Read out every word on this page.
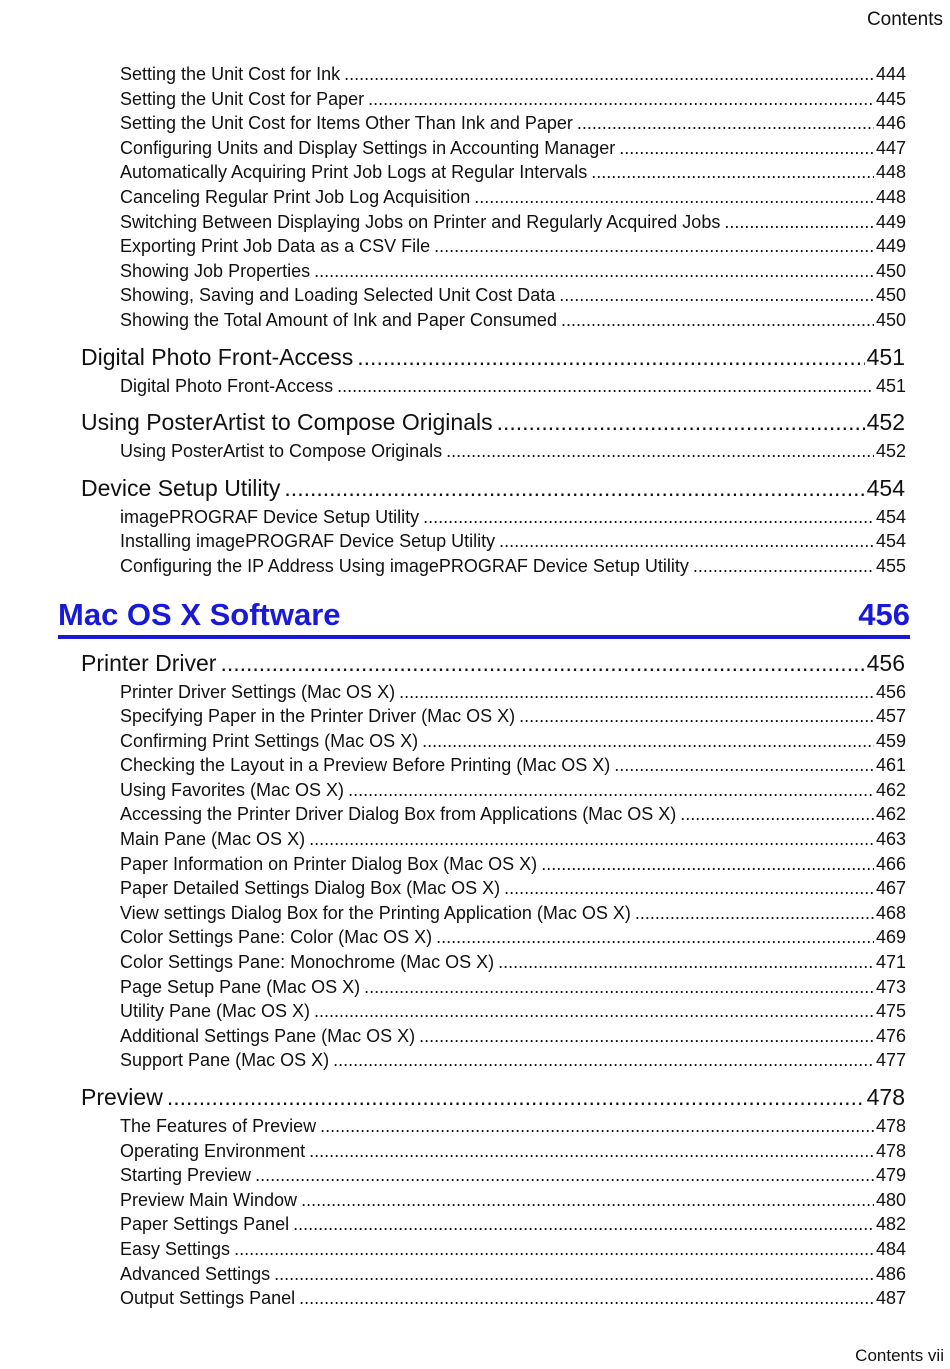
Contents
Setting the Unit Cost for Ink .....	444
Setting the Unit Cost for Paper .....	445
Setting the Unit Cost for Items Other Than Ink and Paper .....	446
Configuring Units and Display Settings in Accounting Manager .....	447
Automatically Acquiring Print Job Logs at Regular Intervals .....	448
Canceling Regular Print Job Log Acquisition .....	448
Switching Between Displaying Jobs on Printer and Regularly Acquired Jobs .....	449
Exporting Print Job Data as a CSV File .....	449
Showing Job Properties .....	450
Showing, Saving and Loading Selected Unit Cost Data .....	450
Showing the Total Amount of Ink and Paper Consumed .....	450
Digital Photo Front-Access .....	451
Digital Photo Front-Access .....	451
Using PosterArtist to Compose Originals .....	452
Using PosterArtist to Compose Originals .....	452
Device Setup Utility .....	454
imagePROGRAF Device Setup Utility .....	454
Installing imagePROGRAF Device Setup Utility .....	454
Configuring the IP Address Using imagePROGRAF Device Setup Utility .....	455
Mac OS X Software	456
Printer Driver .....	456
Printer Driver Settings (Mac OS X) .....	456
Specifying Paper in the Printer Driver (Mac OS X) .....	457
Confirming Print Settings (Mac OS X) .....	459
Checking the Layout in a Preview Before Printing (Mac OS X) .....	461
Using Favorites (Mac OS X) .....	462
Accessing the Printer Driver Dialog Box from Applications (Mac OS X) .....	462
Main Pane (Mac OS X) .....	463
Paper Information on Printer Dialog Box (Mac OS X) .....	466
Paper Detailed Settings Dialog Box (Mac OS X) .....	467
View settings Dialog Box for the Printing Application (Mac OS X) .....	468
Color Settings Pane: Color (Mac OS X) .....	469
Color Settings Pane: Monochrome (Mac OS X) .....	471
Page Setup Pane (Mac OS X) .....	473
Utility Pane (Mac OS X) .....	475
Additional Settings Pane (Mac OS X) .....	476
Support Pane (Mac OS X) .....	477
Preview .....	478
The Features of Preview .....	478
Operating Environment .....	478
Starting Preview .....	479
Preview Main Window .....	480
Paper Settings Panel .....	482
Easy Settings .....	484
Advanced Settings .....	486
Output Settings Panel .....	487
Contents vii
